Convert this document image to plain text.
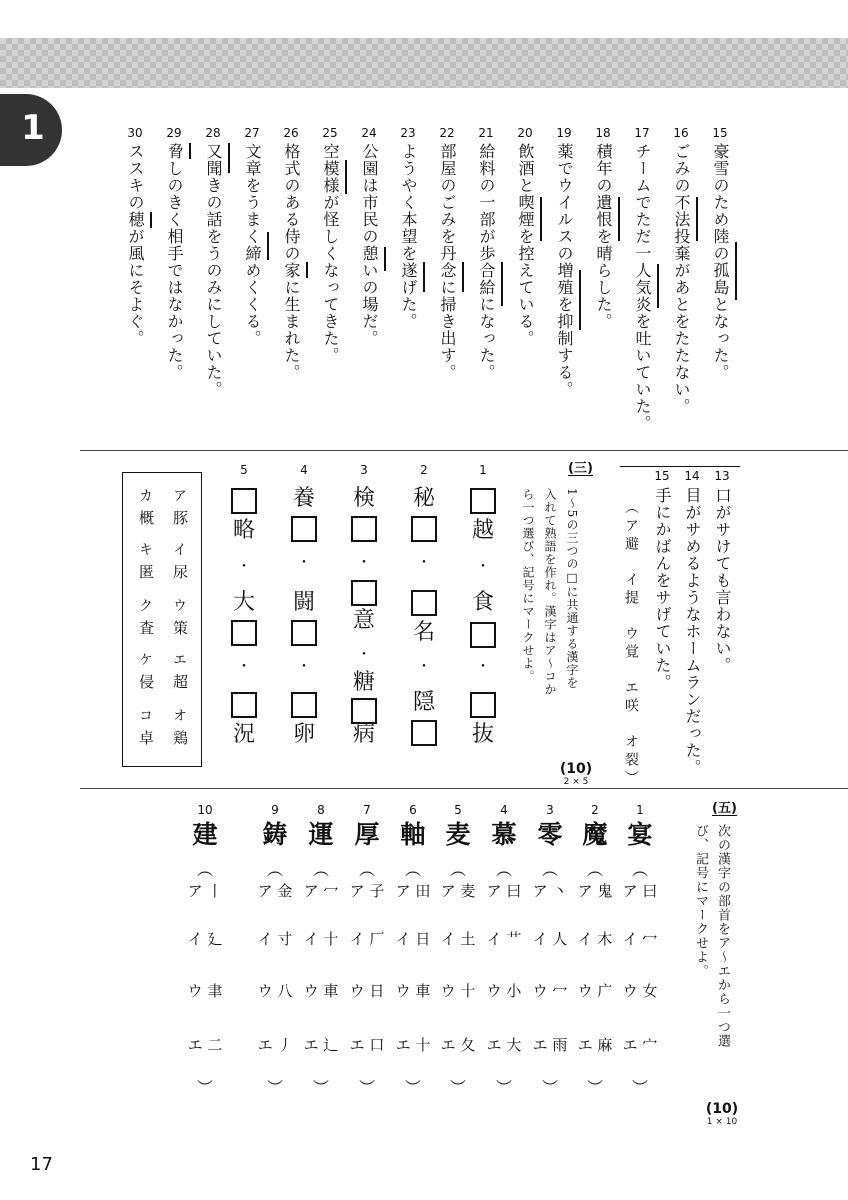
1	15
豪雪のため陸の孤島となった。
16
ごみの不法投棄があとをたたない。
17
チームでただ一人気炎を吐いていた。
18
積年の遺恨を晴らした。
19
薬でウイルスの増殖を抑制する。
20
飲酒と喫煙を控えている。
21
給料の一部が歩合給になった。
22
部屋のごみを丹念に掃き出す。
23
ようやく本望を遂げた。
24
公園は市民の憩いの場だ。
25
空模様が怪しくなってきた。
26
格式のある侍の家に生まれた。
27
文章をうまく締めくくる。
28
又聞きの話をうのみにしていた。
29
脅しのきく相手ではなかった。
30
ススキの穂が風にそよぐ。
13
口がサけても言わない。
14
目がサめるようなホームランだった。
15
手にかばんをサげていた。
（ア避　イ提　ウ覚　エ咲　オ裂）
(三)
1〜5の三つの□に共通する漢字を
入れて熟語を作れ。漢字はア〜コか
ら一つ選び、記号にマークせよ。
(10)
2 × 5
1
越
・
食
・
抜
2
秘
・
名
・
隠
3
検
・
意
・
糖
病
4
養
・
闘
・
卵
5
略
・
大
・
況
ア
豚
イ
尿
ウ
策
エ
超
オ
鶏
カ
概
キ
匿
ク
査
ケ
侵
コ
卓
(五)
次の漢字の部首をア〜エから一つ選
び、記号にマークせよ。
(10)
1 × 10
1
宴
︵
ア 曰
イ 冖
ウ 女
エ 宀
︶
2
魔
︵
ア 鬼
イ 木
ウ 广
エ 麻
︶
3
零
︵
ア 丶
イ 人
ウ 冖
エ 雨
︶
4
慕
︵
ア 曰
イ 艹
ウ 小
エ 大
︶
5
麦
︵
ア 麦
イ 土
ウ 十
エ 夂
︶
6
軸
︵
ア 田
イ 日
ウ 車
エ 十
︶
7
厚
︵
ア 子
イ 厂
ウ 日
エ 口
︶
8
運
︵
ア 冖
イ 十
ウ 車
エ 辶
︶
9
鋳
︵
ア 金
イ 寸
ウ 八
エ 丿
︶
10
建
︵
ア 丨
イ 廴
ウ 聿
エ 二
︶
17
